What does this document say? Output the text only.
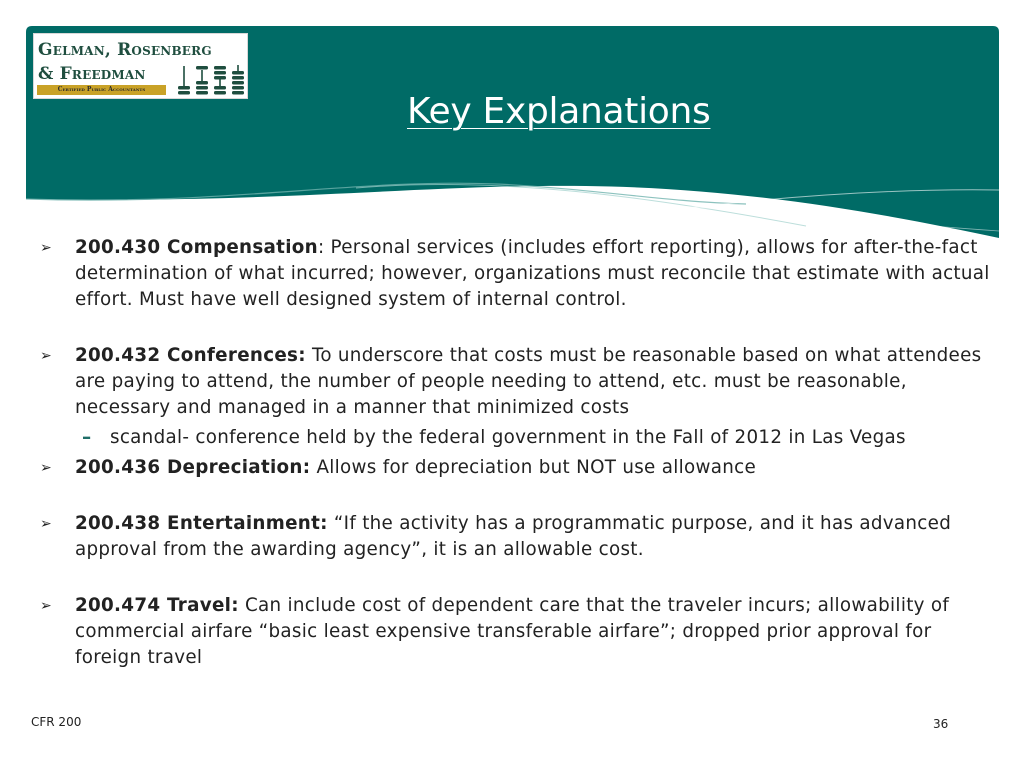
Gelman, Rosenberg
& Freedman
Certified Public Accountants
Key Explanations
➢	200.430 Compensation: Personal services (includes effort reporting), allows for after-the-fact determination of what incurred; however, organizations must reconcile that estimate with actual effort. Must have well designed system of internal control.
➢	200.432 Conferences: To underscore that costs must be reasonable based on what attendees are paying to attend, the number of people needing to attend, etc. must be reasonable, necessary and managed in a manner that minimized costs
– scandal- conference held by the federal government in the Fall of 2012 in Las Vegas
➢	200.436 Depreciation: Allows for depreciation but NOT use allowance
➢	200.438 Entertainment: “If the activity has a programmatic purpose, and it has advanced approval from the awarding agency”, it is an allowable cost.
➢	200.474 Travel: Can include cost of dependent care that the traveler incurs; allowability of commercial airfare “basic least expensive transferable airfare”; dropped prior approval for foreign travel
CFR 200	36
